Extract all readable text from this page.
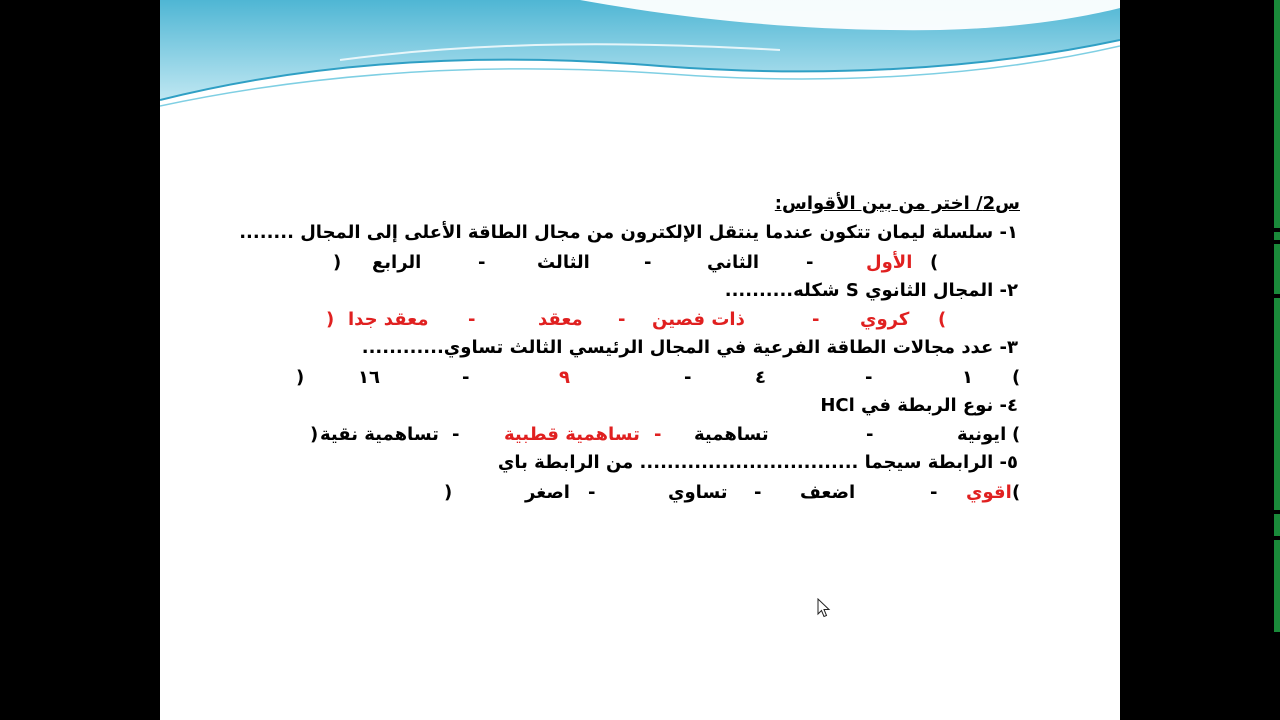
س2/ اختر من بين الأقواس:
١- سلسلة ليمان تتكون عندما ينتقل الإلكترون من مجال الطاقة الأعلى إلى المجال ........
(
الأول
-
الثاني
-
الثالث
-
الرابع
)
٢- المجال الثانوي S شكله..........
(
كروي
-
ذات فصين
-
معقد
-
معقد جدا
)
٣- عدد مجالات الطاقة الفرعية في المجال الرئيسي الثالث تساوي............
(
١
-
٤
-
٩
-
١٦
)
٤- نوع الربطة في HCl
(
ايونية
-
تساهمية
-
تساهمية قطبية
-
تساهمية نقية
)
٥- الرابطة سيجما ................................ من الرابطة باي
(
اقوي
-
اضعف
-
تساوي
-
اصغر
)
